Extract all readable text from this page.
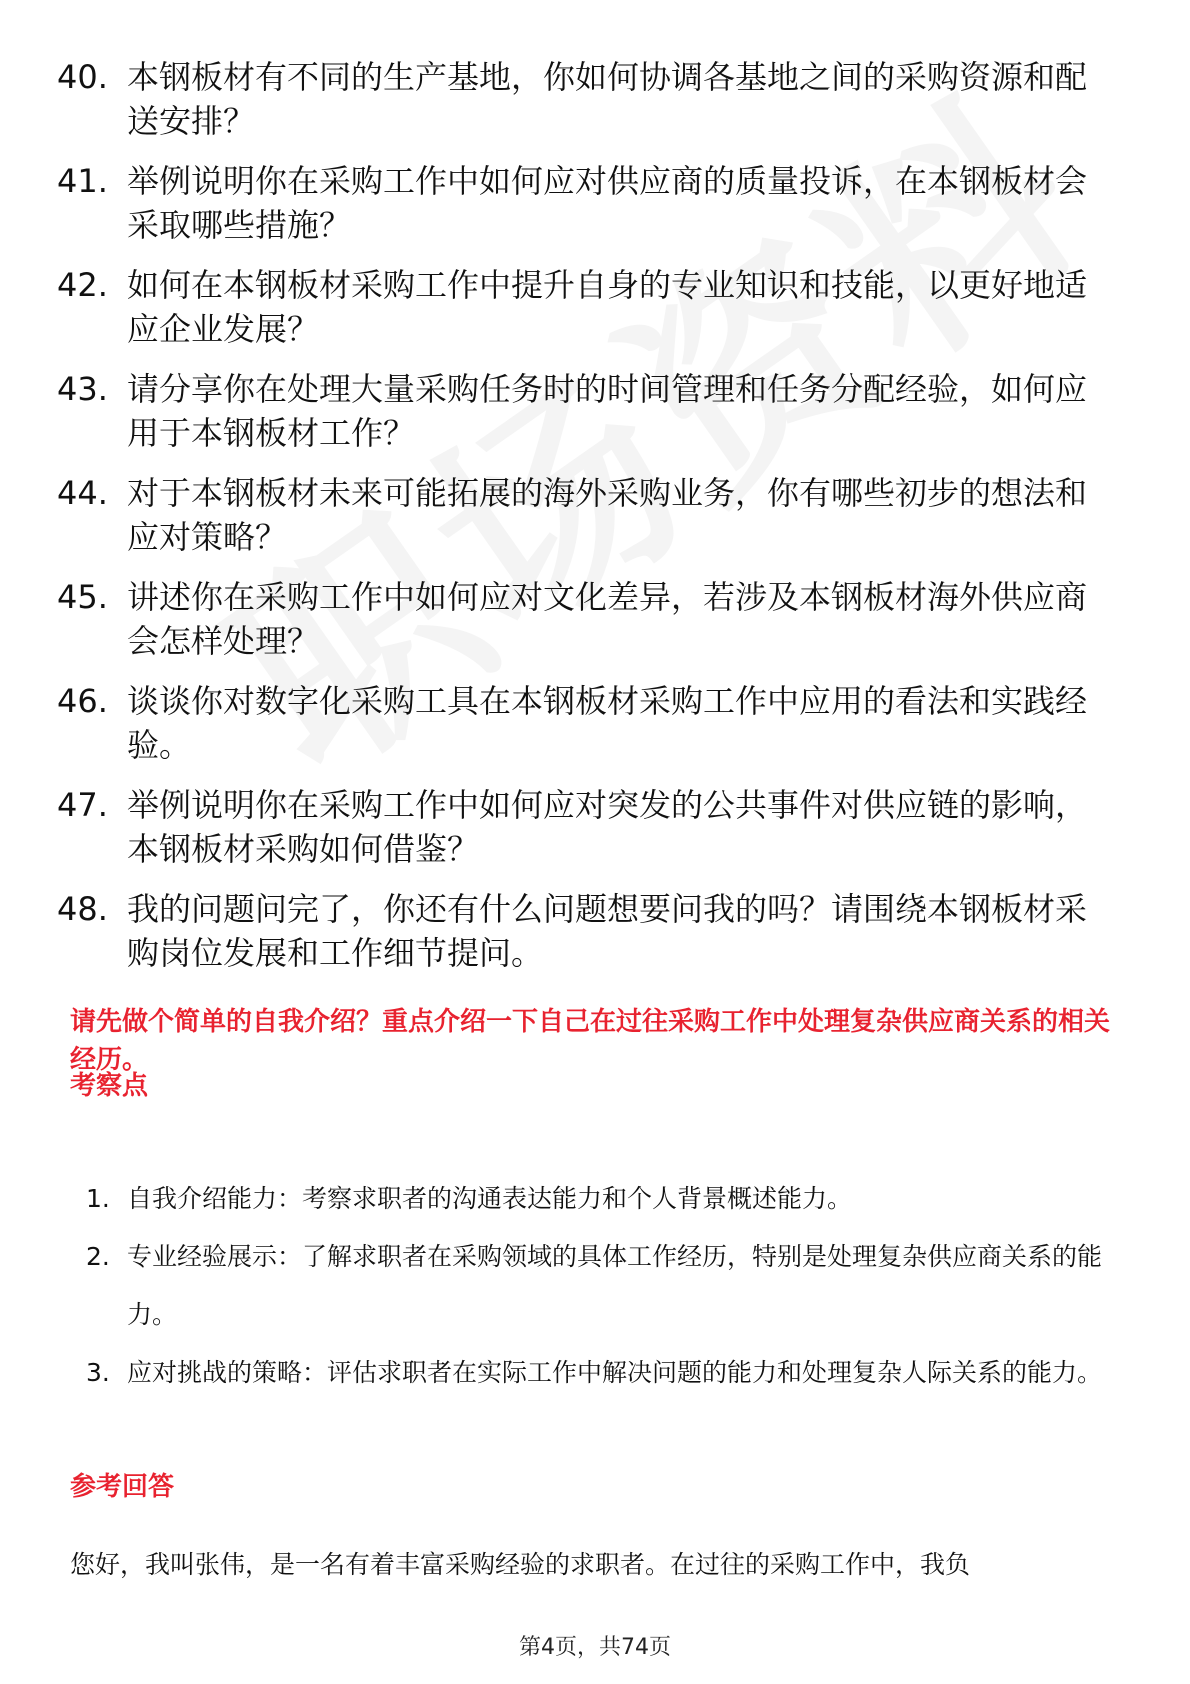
40. 本钢板材有不同的生产基地，你如何协调各基地之间的采购资源和配送安排？
41. 举例说明你在采购工作中如何应对供应商的质量投诉，在本钢板材会采取哪些措施？
42. 如何在本钢板材采购工作中提升自身的专业知识和技能，以更好地适应企业发展？
43. 请分享你在处理大量采购任务时的时间管理和任务分配经验，如何应用于本钢板材工作？
44. 对于本钢板材未来可能拓展的海外采购业务，你有哪些初步的想法和应对策略？
45. 讲述你在采购工作中如何应对文化差异，若涉及本钢板材海外供应商会怎样处理？
46. 谈谈你对数字化采购工具在本钢板材采购工作中应用的看法和实践经验。
47. 举例说明你在采购工作中如何应对突发的公共事件对供应链的影响，本钢板材采购如何借鉴？
48. 我的问题问完了，你还有什么问题想要问我的吗？请围绕本钢板材采购岗位发展和工作细节提问。
请先做个简单的自我介绍？重点介绍一下自己在过往采购工作中处理复杂供应商关系的相关经历。
考察点
1. 自我介绍能力：考察求职者的沟通表达能力和个人背景概述能力。
2. 专业经验展示：了解求职者在采购领域的具体工作经历，特别是处理复杂供应商关系的能力。
3. 应对挑战的策略：评估求职者在实际工作中解决问题的能力和处理复杂人际关系的能力。
参考回答
您好，我叫张伟，是一名有着丰富采购经验的求职者。在过往的采购工作中，我负
第4页，共74页
